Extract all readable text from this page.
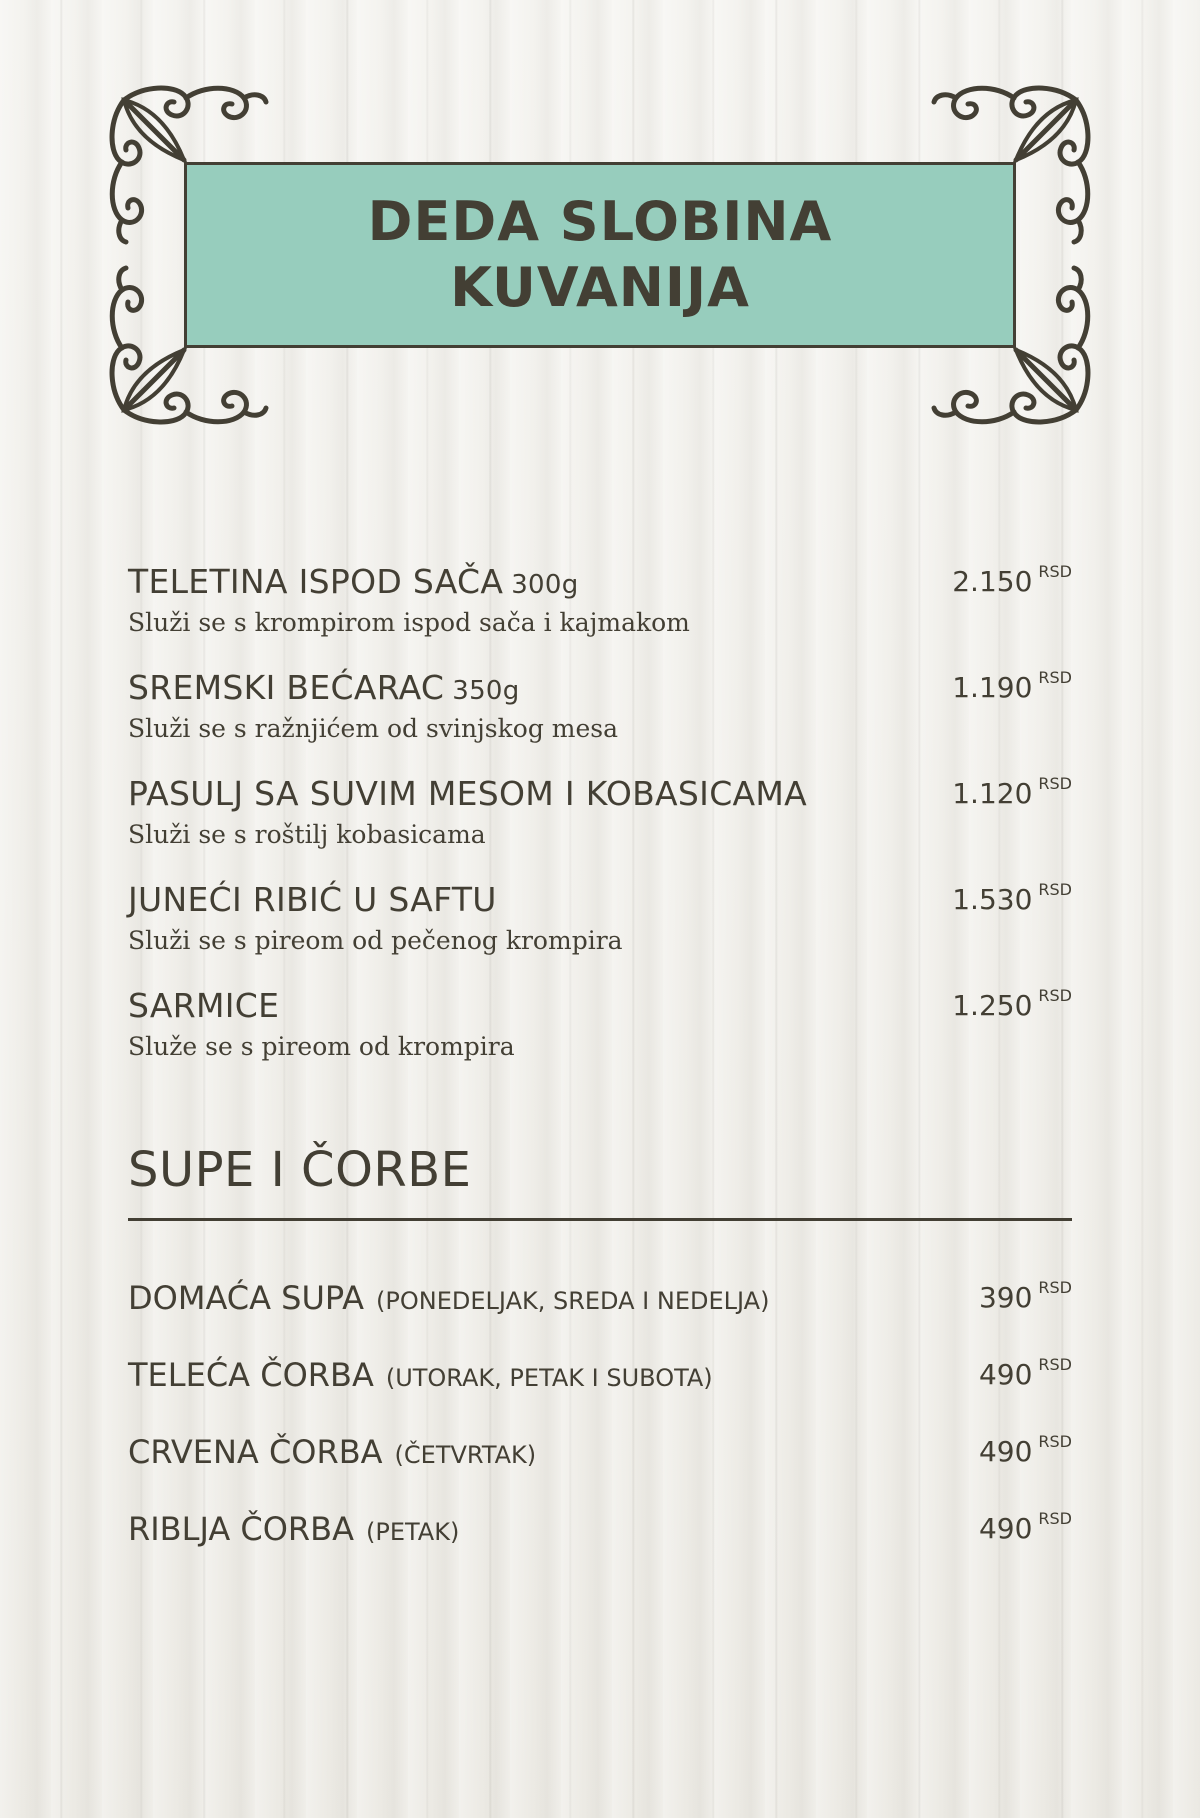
DEDA SLOBINA
KUVANIJA
TELETINA ISPOD SAČA 300g
Služi se s krompirom ispod sača i kajmakom
2.150 RSD
SREMSKI BEĆARAC 350g
Služi se s ražnjićem od svinjskog mesa
1.190 RSD
PASULJ SA SUVIM MESOM I KOBASICAMA
Služi se s roštilj kobasicama
1.120 RSD
JUNEĆI RIBIĆ U SAFTU
Služi se s pireom od pečenog krompira
1.530 RSD
SARMICE
Služe se s pireom od krompira
1.250 RSD
SUPE I ČORBE
DOMAĆA SUPA (PONEDELJAK, SREDA I NEDELJA)	390 RSD
TELEĆA ČORBA (UTORAK, PETAK I SUBOTA)	490 RSD
CRVENA ČORBA (ČETVRTAK)	490 RSD
RIBLJA ČORBA (PETAK)	490 RSD
